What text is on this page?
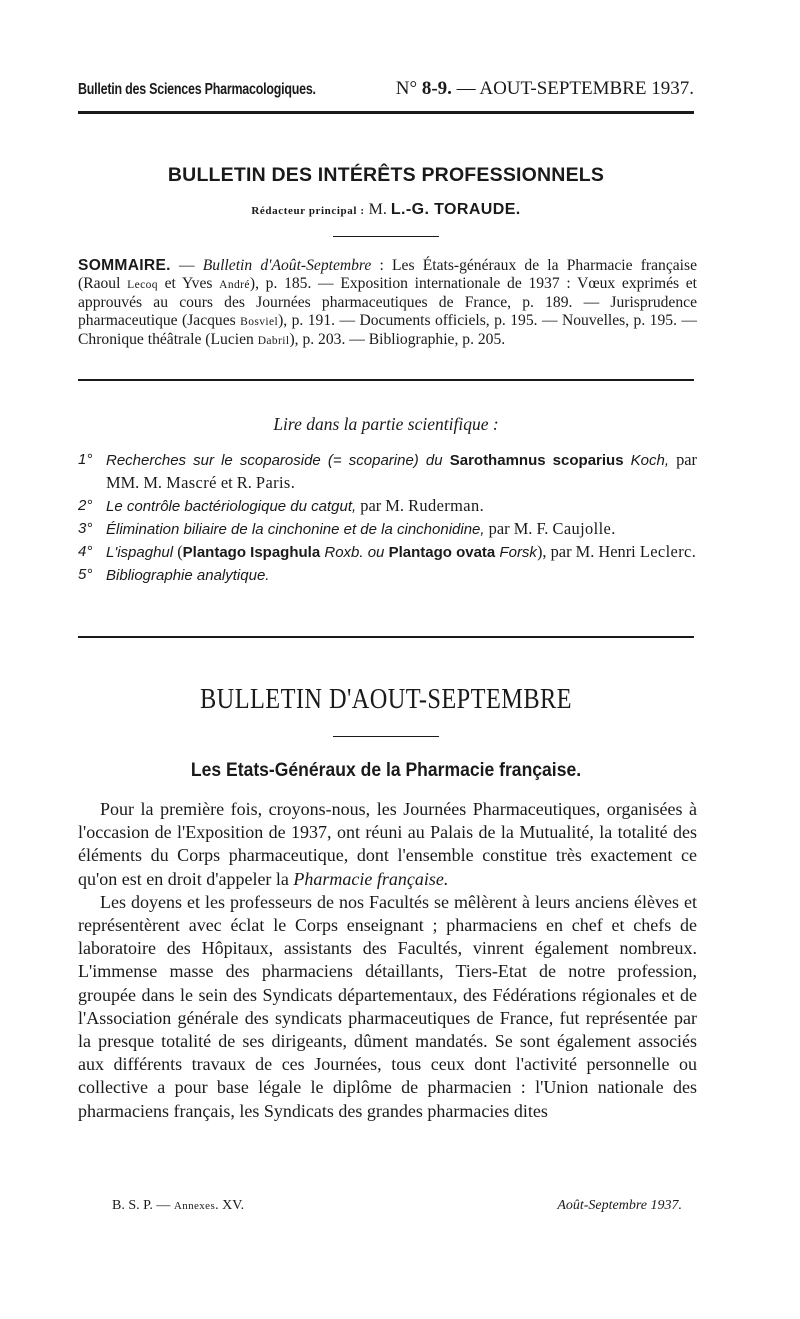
Bulletin des Sciences Pharmacologiques.	N° 8-9. — AOUT-SEPTEMBRE 1937.
BULLETIN DES INTÉRÊTS PROFESSIONNELS
Rédacteur principal : M. L.-G. TORAUDE.
SOMMAIRE. — Bulletin d'Août-Septembre : Les États-généraux de la Pharmacie française (Raoul Lecoq et Yves André), p. 185. — Exposition internationale de 1937 : Vœux exprimés et approuvés au cours des Journées pharmaceutiques de France, p. 189. — Jurisprudence pharmaceutique (Jacques Bosviel), p. 191. — Documents officiels, p. 195. — Nouvelles, p. 195. — Chronique théâtrale (Lucien Dabril), p. 203. — Bibliographie, p. 205.
Lire dans la partie scientifique :
1° Recherches sur le scoparoside (= scoparine) du Sarothamnus scoparius Koch, par MM. M. Mascré et R. Paris.
2° Le contrôle bactériologique du catgut, par M. Ruderman.
3° Élimination biliaire de la cinchonine et de la cinchonidine, par M. F. Caujolle.
4° L'ispaghul (Plantago Ispaghula Roxb. ou Plantago ovata Forsk), par M. Henri Leclerc.
5° Bibliographie analytique.
BULLETIN D'AOUT-SEPTEMBRE
Les Etats-Généraux de la Pharmacie française.

Pour la première fois, croyons-nous, les Journées Pharmaceutiques, organisées à l'occasion de l'Exposition de 1937, ont réuni au Palais de la Mutualité, la totalité des éléments du Corps pharmaceutique, dont l'ensemble constitue très exactement ce qu'on est en droit d'appeler la Pharmacie française.

Les doyens et les professeurs de nos Facultés se mêlèrent à leurs anciens élèves et représentèrent avec éclat le Corps enseignant ; pharmaciens en chef et chefs de laboratoire des Hôpitaux, assistants des Facultés, vinrent également nombreux. L'immense masse des pharmaciens détaillants, Tiers-Etat de notre profession, groupée dans le sein des Syndicats départementaux, des Fédérations régionales et de l'Association générale des syndicats pharmaceutiques de France, fut représentée par la presque totalité de ses dirigeants, dûment mandatés. Se sont également associés aux différents travaux de ces Journées, tous ceux dont l'activité personnelle ou collective a pour base légale le diplôme de pharmacien : l'Union nationale des pharmaciens français, les Syndicats des grandes pharmacies dites

B. S. P. — Annexes. XV.	Août-Septembre 1937.
